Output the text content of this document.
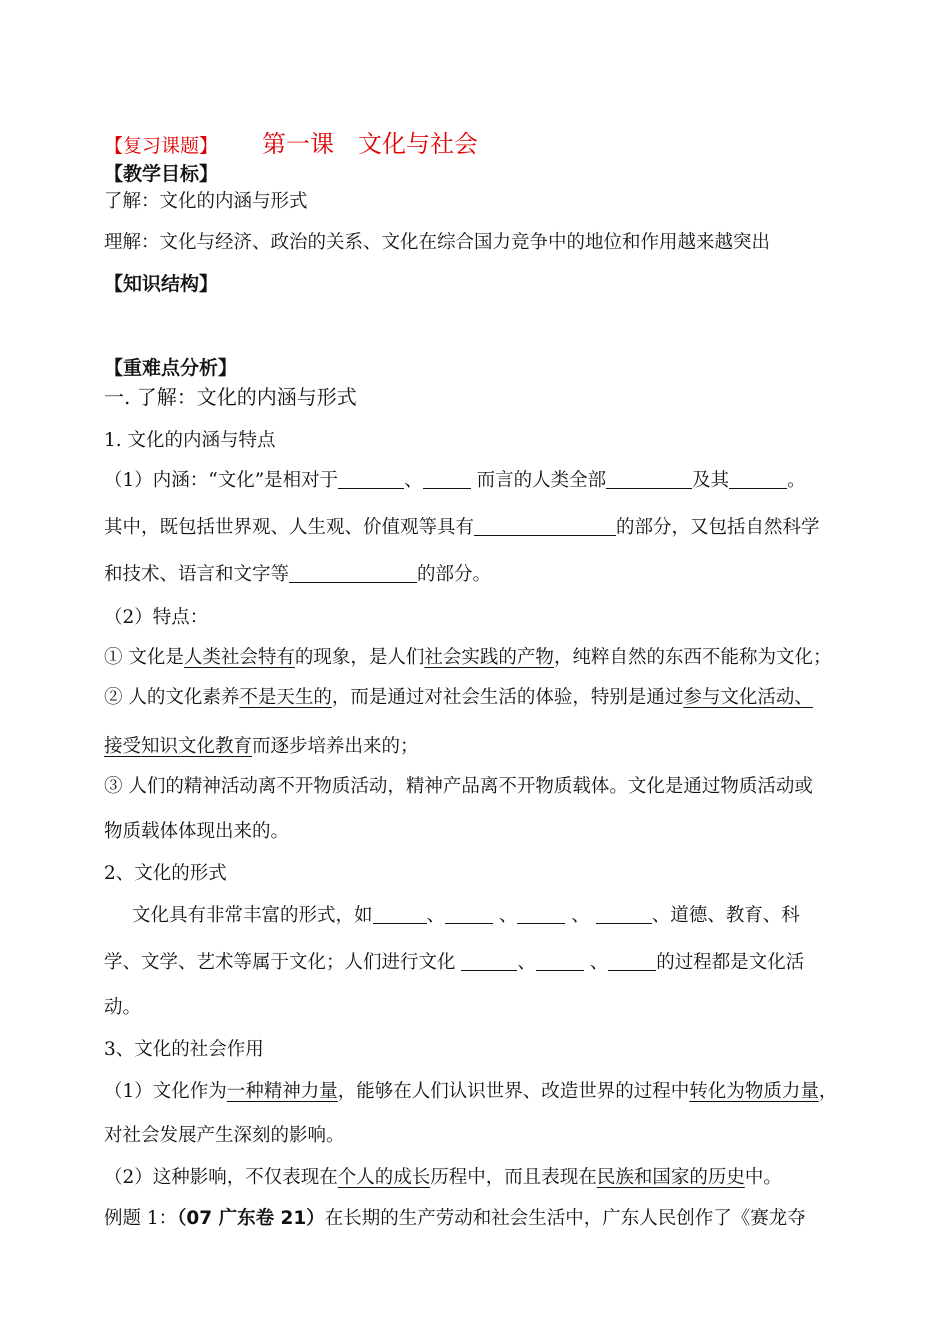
【复习课题】 第一课　文化与社会
【教学目标】
了解：文化的内涵与形式
理解：文化与经济、政治的关系、文化在综合国力竞争中的地位和作用越来越突出
【知识结构】
【重难点分析】
一. 了解：文化的内涵与形式
1. 文化的内涵与特点
（1）内涵：“文化”是相对于	、	而言的人类全部	及其	。
其中，既包括世界观、人生观、价值观等具有	的部分，又包括自然科学
和技术、语言和文字等	的部分。
（2）特点：
① 文化是人类社会特有的现象，是人们社会实践的产物，纯粹自然的东西不能称为文化；
② 人的文化素养不是天生的，而是通过对社会生活的体验，特别是通过参与文化活动、
接受知识文化教育而逐步培养出来的；
③ 人们的精神活动离不开物质活动，精神产品离不开物质载体。文化是通过物质活动或
物质载体体现出来的。
2、文化的形式
文化具有非常丰富的形式，如	、	、	、	、道德、教育、科
学、文学、艺术等属于文化；人们进行文化	、	、	的过程都是文化活
动。
3、文化的社会作用
（1）文化作为一种精神力量，能够在人们认识世界、改造世界的过程中转化为物质力量，
对社会发展产生深刻的影响。
（2）这种影响，不仅表现在个人的成长历程中，而且表现在民族和国家的历史中。
例题 1：（07 广东卷 21）在长期的生产劳动和社会生活中，广东人民创作了《赛龙夺
